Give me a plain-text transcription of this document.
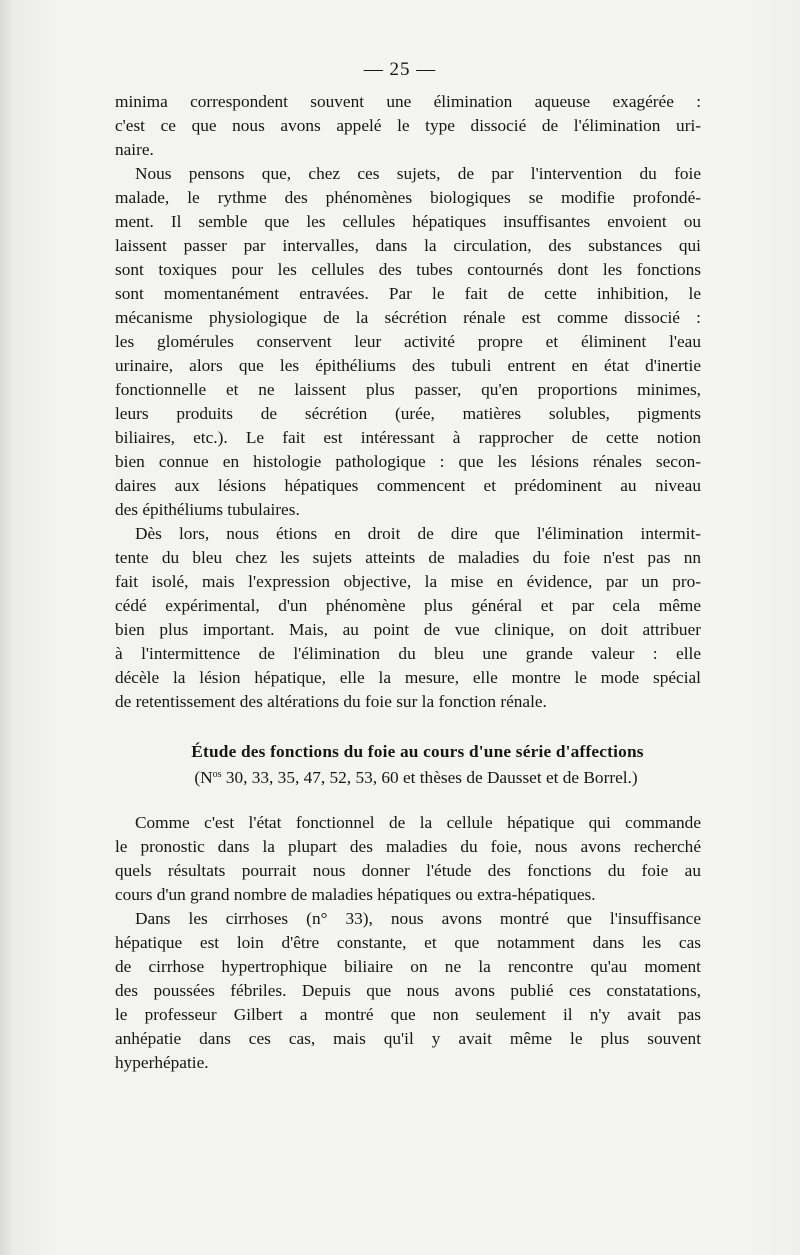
— 25 —
minima correspondent souvent une élimination aqueuse exagérée :
c'est ce que nous avons appelé le type dissocié de l'élimination uri-
naire.
Nous pensons que, chez ces sujets, de par l'intervention du foie
malade, le rythme des phénomènes biologiques se modifie profondé-
ment. Il semble que les cellules hépatiques insuffisantes envoient ou
laissent passer par intervalles, dans la circulation, des substances qui
sont toxiques pour les cellules des tubes contournés dont les fonctions
sont momentanément entravées. Par le fait de cette inhibition, le
mécanisme physiologique de la sécrétion rénale est comme dissocié :
les glomérules conservent leur activité propre et éliminent l'eau
urinaire, alors que les épithéliums des tubuli entrent en état d'inertie
fonctionnelle et ne laissent plus passer, qu'en proportions minimes,
leurs produits de sécrétion (urée, matières solubles, pigments
biliaires, etc.). Le fait est intéressant à rapprocher de cette notion
bien connue en histologie pathologique : que les lésions rénales secon-
daires aux lésions hépatiques commencent et prédominent au niveau
des épithéliums tubulaires.
Dès lors, nous étions en droit de dire que l'élimination intermit-
tente du bleu chez les sujets atteints de maladies du foie n'est pas nn
fait isolé, mais l'expression objective, la mise en évidence, par un pro-
cédé expérimental, d'un phénomène plus général et par cela même
bien plus important. Mais, au point de vue clinique, on doit attribuer
à l'intermittence de l'élimination du bleu une grande valeur : elle
décèle la lésion hépatique, elle la mesure, elle montre le mode spécial
de retentissement des altérations du foie sur la fonction rénale.
Étude des fonctions du foie au cours d'une série d'affections
($N^{os}$ 30, 33, 35, 47, 52, 53, 60 et thèses de Dausset et de Borrel.)
Comme c'est l'état fonctionnel de la cellule hépatique qui commande
le pronostic dans la plupart des maladies du foie, nous avons recherché
quels résultats pourrait nous donner l'étude des fonctions du foie au
cours d'un grand nombre de maladies hépatiques ou extra-hépatiques.
Dans les cirrhoses (n° 33), nous avons montré que l'insuffisance
hépatique est loin d'être constante, et que notamment dans les cas
de cirrhose hypertrophique biliaire on ne la rencontre qu'au moment
des poussées fébriles. Depuis que nous avons publié ces constatations,
le professeur Gilbert a montré que non seulement il n'y avait pas
anhépatie dans ces cas, mais qu'il y avait même le plus souvent
hyperhépatie.
